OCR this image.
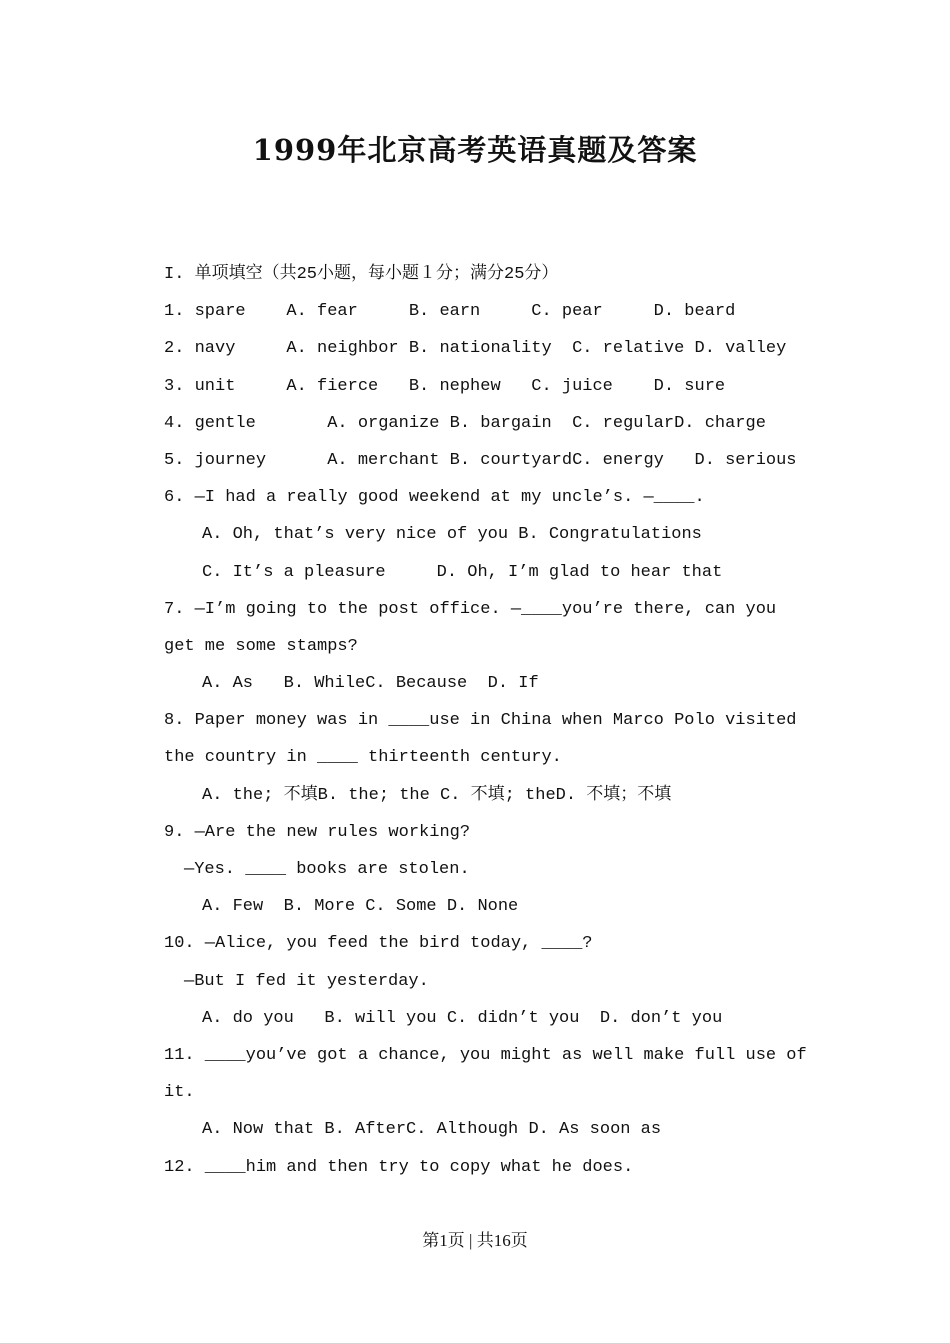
1999年北京高考英语真题及答案
I. 单项填空（共25小题，每小题１分；满分25分）
1. spare    A. fear     B. earn     C. pear     D. beard
2. navy     A. neighbor B. nationality  C. relative D. valley
3. unit     A. fierce   B. nephew   C. juice    D. sure
4. gentle       A. organize B. bargain  C. regularD. charge
5. journey      A. merchant B. courtyardC. energy   D. serious
6. —I had a really good weekend at my uncle’s. —____.
A. Oh, that’s very nice of you B. Congratulations
C. It’s a pleasure     D. Oh, I’m glad to hear that
7. —I’m going to the post office. —____you’re there, can you
get me some stamps?
A. As   B. WhileC. Because  D. If
8. Paper money was in ____use in China when Marco Polo visited
the country in ____ thirteenth century.
A. the; 不填B. the; the C. 不填; theD. 不填；不填
9. —Are the new rules working?
—Yes. ____ books are stolen.
A. Few  B. More C. Some D. None
10. —Alice, you feed the bird today, ____?
—But I fed it yesterday.
A. do you   B. will you C. didn’t you  D. don’t you
11. ____you’ve got a chance, you might as well make full use of
it.
A. Now that B. AfterC. Although D. As soon as
12. ____him and then try to copy what he does.
第1页 | 共16页
